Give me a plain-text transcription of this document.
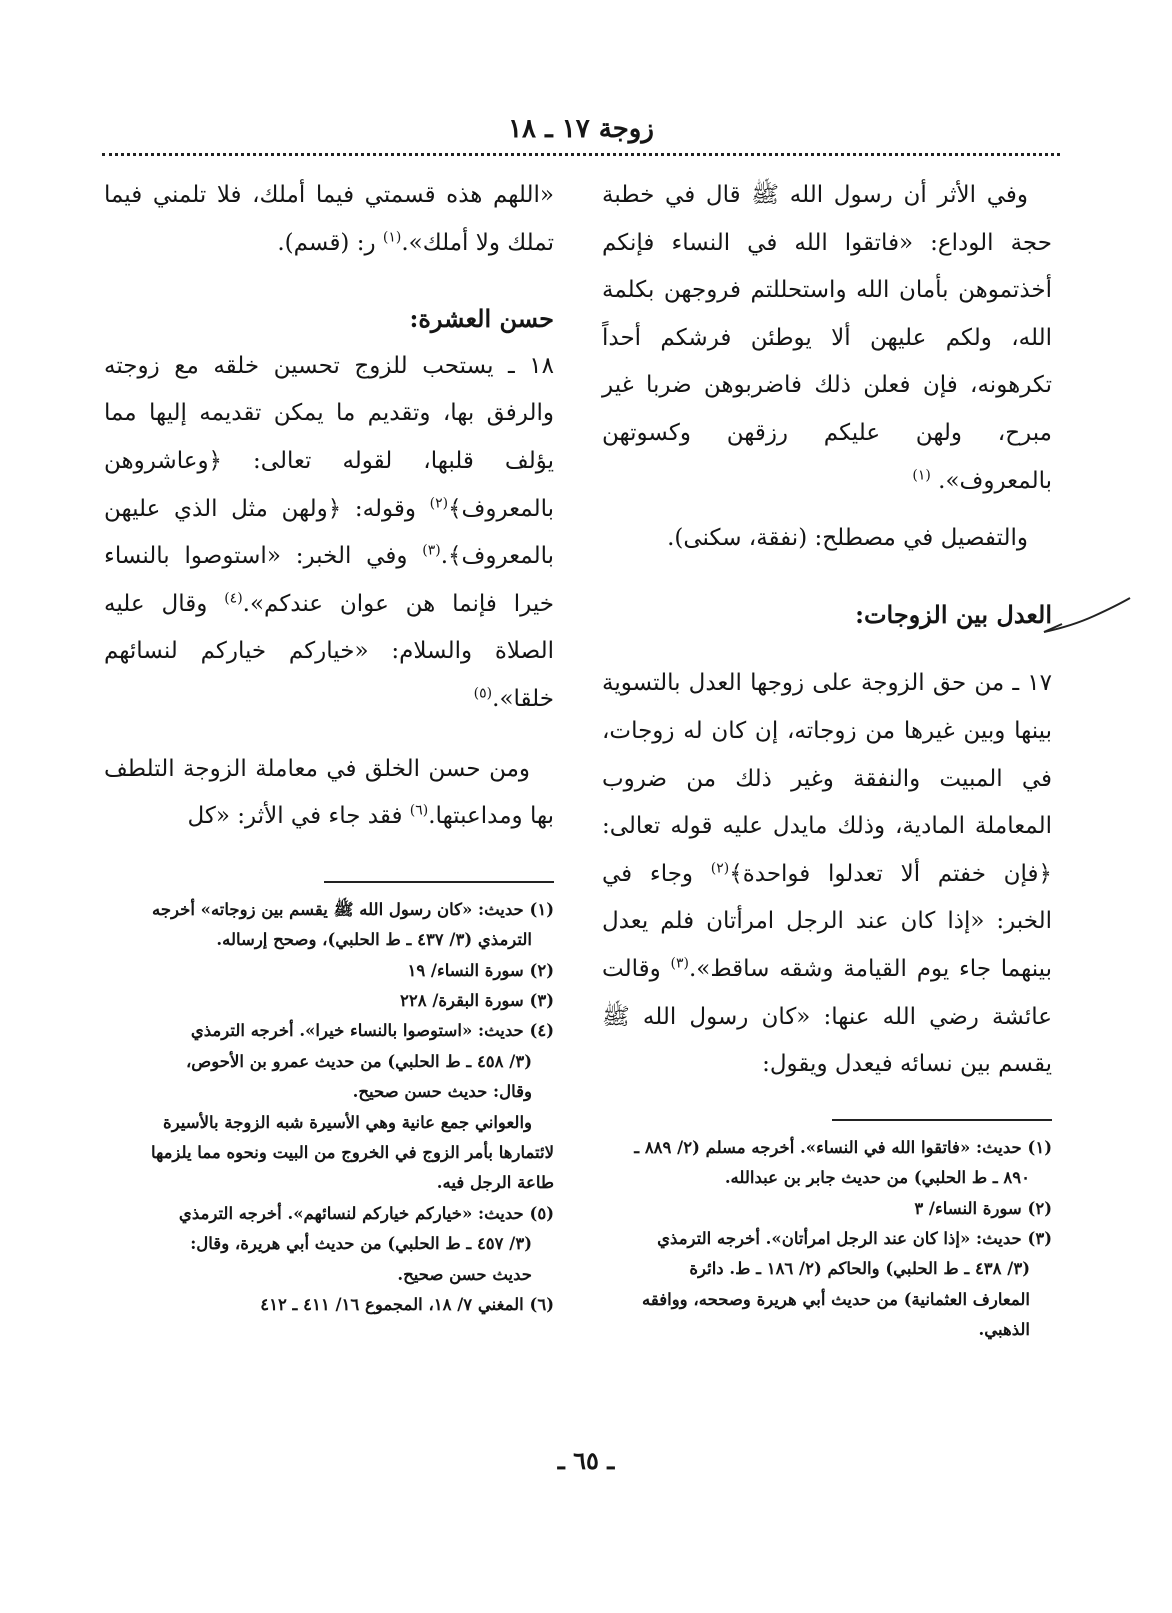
زوجة ١٧ ـ ١٨

وفي الأثر أن رسول الله ﷺ قال في خطبة حجة الوداع: «فاتقوا الله في النساء فإنكم أخذتموهن بأمان الله واستحللتم فروجهن بكلمة الله، ولكم عليهن ألا يوطئن فرشكم أحداً تكرهونه، فإن فعلن ذلك فاضربوهن ضربا غير مبرح، ولهن عليكم رزقهن وكسوتهن بالمعروف». $^{(١)}$

والتفصيل في مصطلح: (نفقة، سكنى).

العدل بين الزوجات:

١٧ ـ من حق الزوجة على زوجها العدل بالتسوية بينها وبين غيرها من زوجاته، إن كان له زوجات، في المبيت والنفقة وغير ذلك من ضروب المعاملة المادية، وذلك مايدل عليه قوله تعالى: ﴿فإن خفتم ألا تعدلوا فواحدة﴾$^{(٢)}$ وجاء في الخبر: «إذا كان عند الرجل امرأتان فلم يعدل بينهما جاء يوم القيامة وشقه ساقط».$^{(٣)}$ وقالت عائشة رضي الله عنها: «كان رسول الله ﷺ يقسم بين نسائه فيعدل ويقول:

(١) حديث: «فاتقوا الله في النساء». أخرجه مسلم (٢/ ٨٨٩ ـ

٨٩٠ ـ ط الحلبي) من حديث جابر بن عبدالله.

(٢) سورة النساء/ ٣

(٣) حديث: «إذا كان عند الرجل امرأتان». أخرجه الترمذي

(٣/ ٤٣٨ ـ ط الحلبي) والحاكم (٢/ ١٨٦ ـ ط. دائرة

المعارف العثمانية) من حديث أبي هريرة وصححه، ووافقه

الذهبي.

«اللهم هذه قسمتي فيما أملك، فلا تلمني فيما تملك ولا أملك».$^{(١)}$ ر: (قسم).

حسن العشرة:

١٨ ـ يستحب للزوج تحسين خلقه مع زوجته والرفق بها، وتقديم ما يمكن تقديمه إليها مما يؤلف قلبها، لقوله تعالى: ﴿وعاشروهن بالمعروف﴾$^{(٢)}$ وقوله: ﴿ولهن مثل الذي عليهن بالمعروف﴾.$^{(٣)}$ وفي الخبر: «استوصوا بالنساء خيرا فإنما هن عوان عندكم».$^{(٤)}$ وقال عليه الصلاة والسلام: «خياركم خياركم لنسائهم خلقا».$^{(٥)}$

ومن حسن الخلق في معاملة الزوجة التلطف بها ومداعبتها.$^{(٦)}$ فقد جاء في الأثر: «كل

(١) حديث: «كان رسول الله ﷺ يقسم بين زوجاته» أخرجه

الترمذي (٣/ ٤٣٧ ـ ط الحلبي)، وصحح إرساله.

(٢) سورة النساء/ ١٩

(٣) سورة البقرة/ ٢٢٨

(٤) حديث: «استوصوا بالنساء خيرا». أخرجه الترمذي

(٣/ ٤٥٨ ـ ط الحلبي) من حديث عمرو بن الأحوص،

وقال: حديث حسن صحيح.

والعواني جمع عانية وهي الأسيرة شبه الزوجة بالأسيرة

لائتمارها بأمر الزوج في الخروج من البيت ونحوه مما يلزمها

طاعة الرجل فيه.

(٥) حديث: «خياركم خياركم لنسائهم». أخرجه الترمذي

(٣/ ٤٥٧ ـ ط الحلبي) من حديث أبي هريرة، وقال:

حديث حسن صحيح.

(٦) المغني ٧/ ١٨، المجموع ١٦/ ٤١١ ـ ٤١٢

ـ ٦٥ ـ
